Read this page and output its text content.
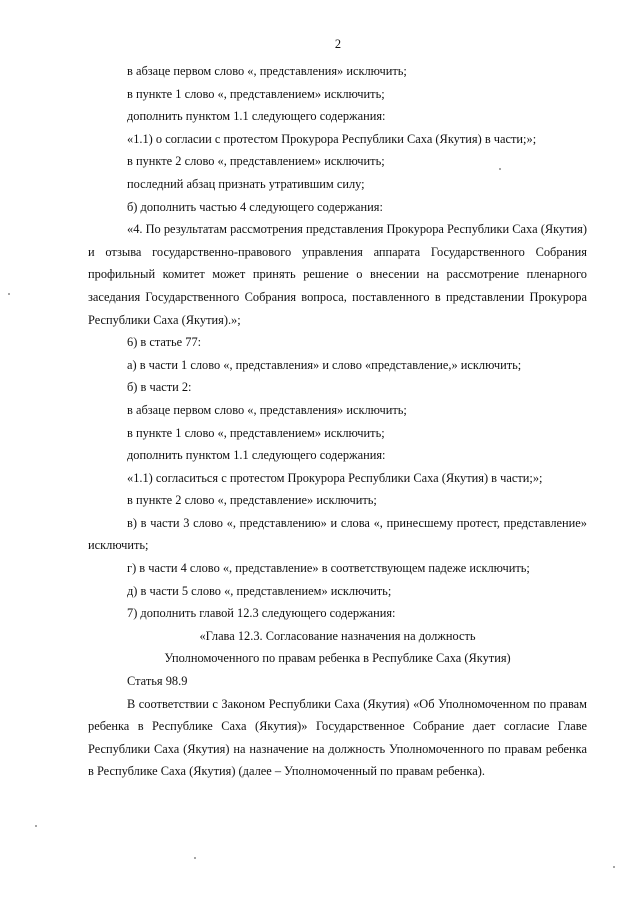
2

в абзаце первом слово «, представления» исключить;

в пункте 1 слово «, представлением» исключить;

дополнить пунктом 1.1 следующего содержания:

«1.1) о согласии с протестом Прокурора Республики Саха (Якутия) в части;»;

в пункте 2 слово «, представлением» исключить;

последний абзац признать утратившим силу;

б) дополнить частью 4 следующего содержания:

«4. По результатам рассмотрения представления Прокурора Республики Саха (Якутия) и отзыва государственно-правового управления аппарата Государственного Собрания профильный комитет может принять решение о внесении на рассмотрение пленарного заседания Государственного Собрания вопроса, поставленного в представлении Прокурора Республики Саха (Якутия).»;

6) в статье 77:

а) в части 1 слово «, представления» и слово «представление,» исключить;

б) в части 2:

в абзаце первом слово «, представления» исключить;

в пункте 1 слово «, представлением» исключить;

дополнить пунктом 1.1 следующего содержания:

«1.1) согласиться с протестом Прокурора Республики Саха (Якутия) в части;»;

в пункте 2 слово «, представление» исключить;

в) в части 3 слово «, представлению» и слова «, принесшему протест, представление» исключить;

г) в части 4 слово «, представление» в соответствующем падеже исключить;

д) в части 5 слово «, представлением» исключить;

7) дополнить главой 12.3 следующего содержания:

«Глава 12.3. Согласование назначения на должность

Уполномоченного по правам ребенка в Республике Саха (Якутия)

Статья 98.9

В соответствии с Законом Республики Саха (Якутия) «Об Уполномоченном по правам ребенка в Республике Саха (Якутия)» Государственное Собрание дает согласие Главе Республики Саха (Якутия) на назначение на должность Уполномоченного по правам ребенка в Республике Саха (Якутия) (далее – Уполномоченный по правам ребенка).
